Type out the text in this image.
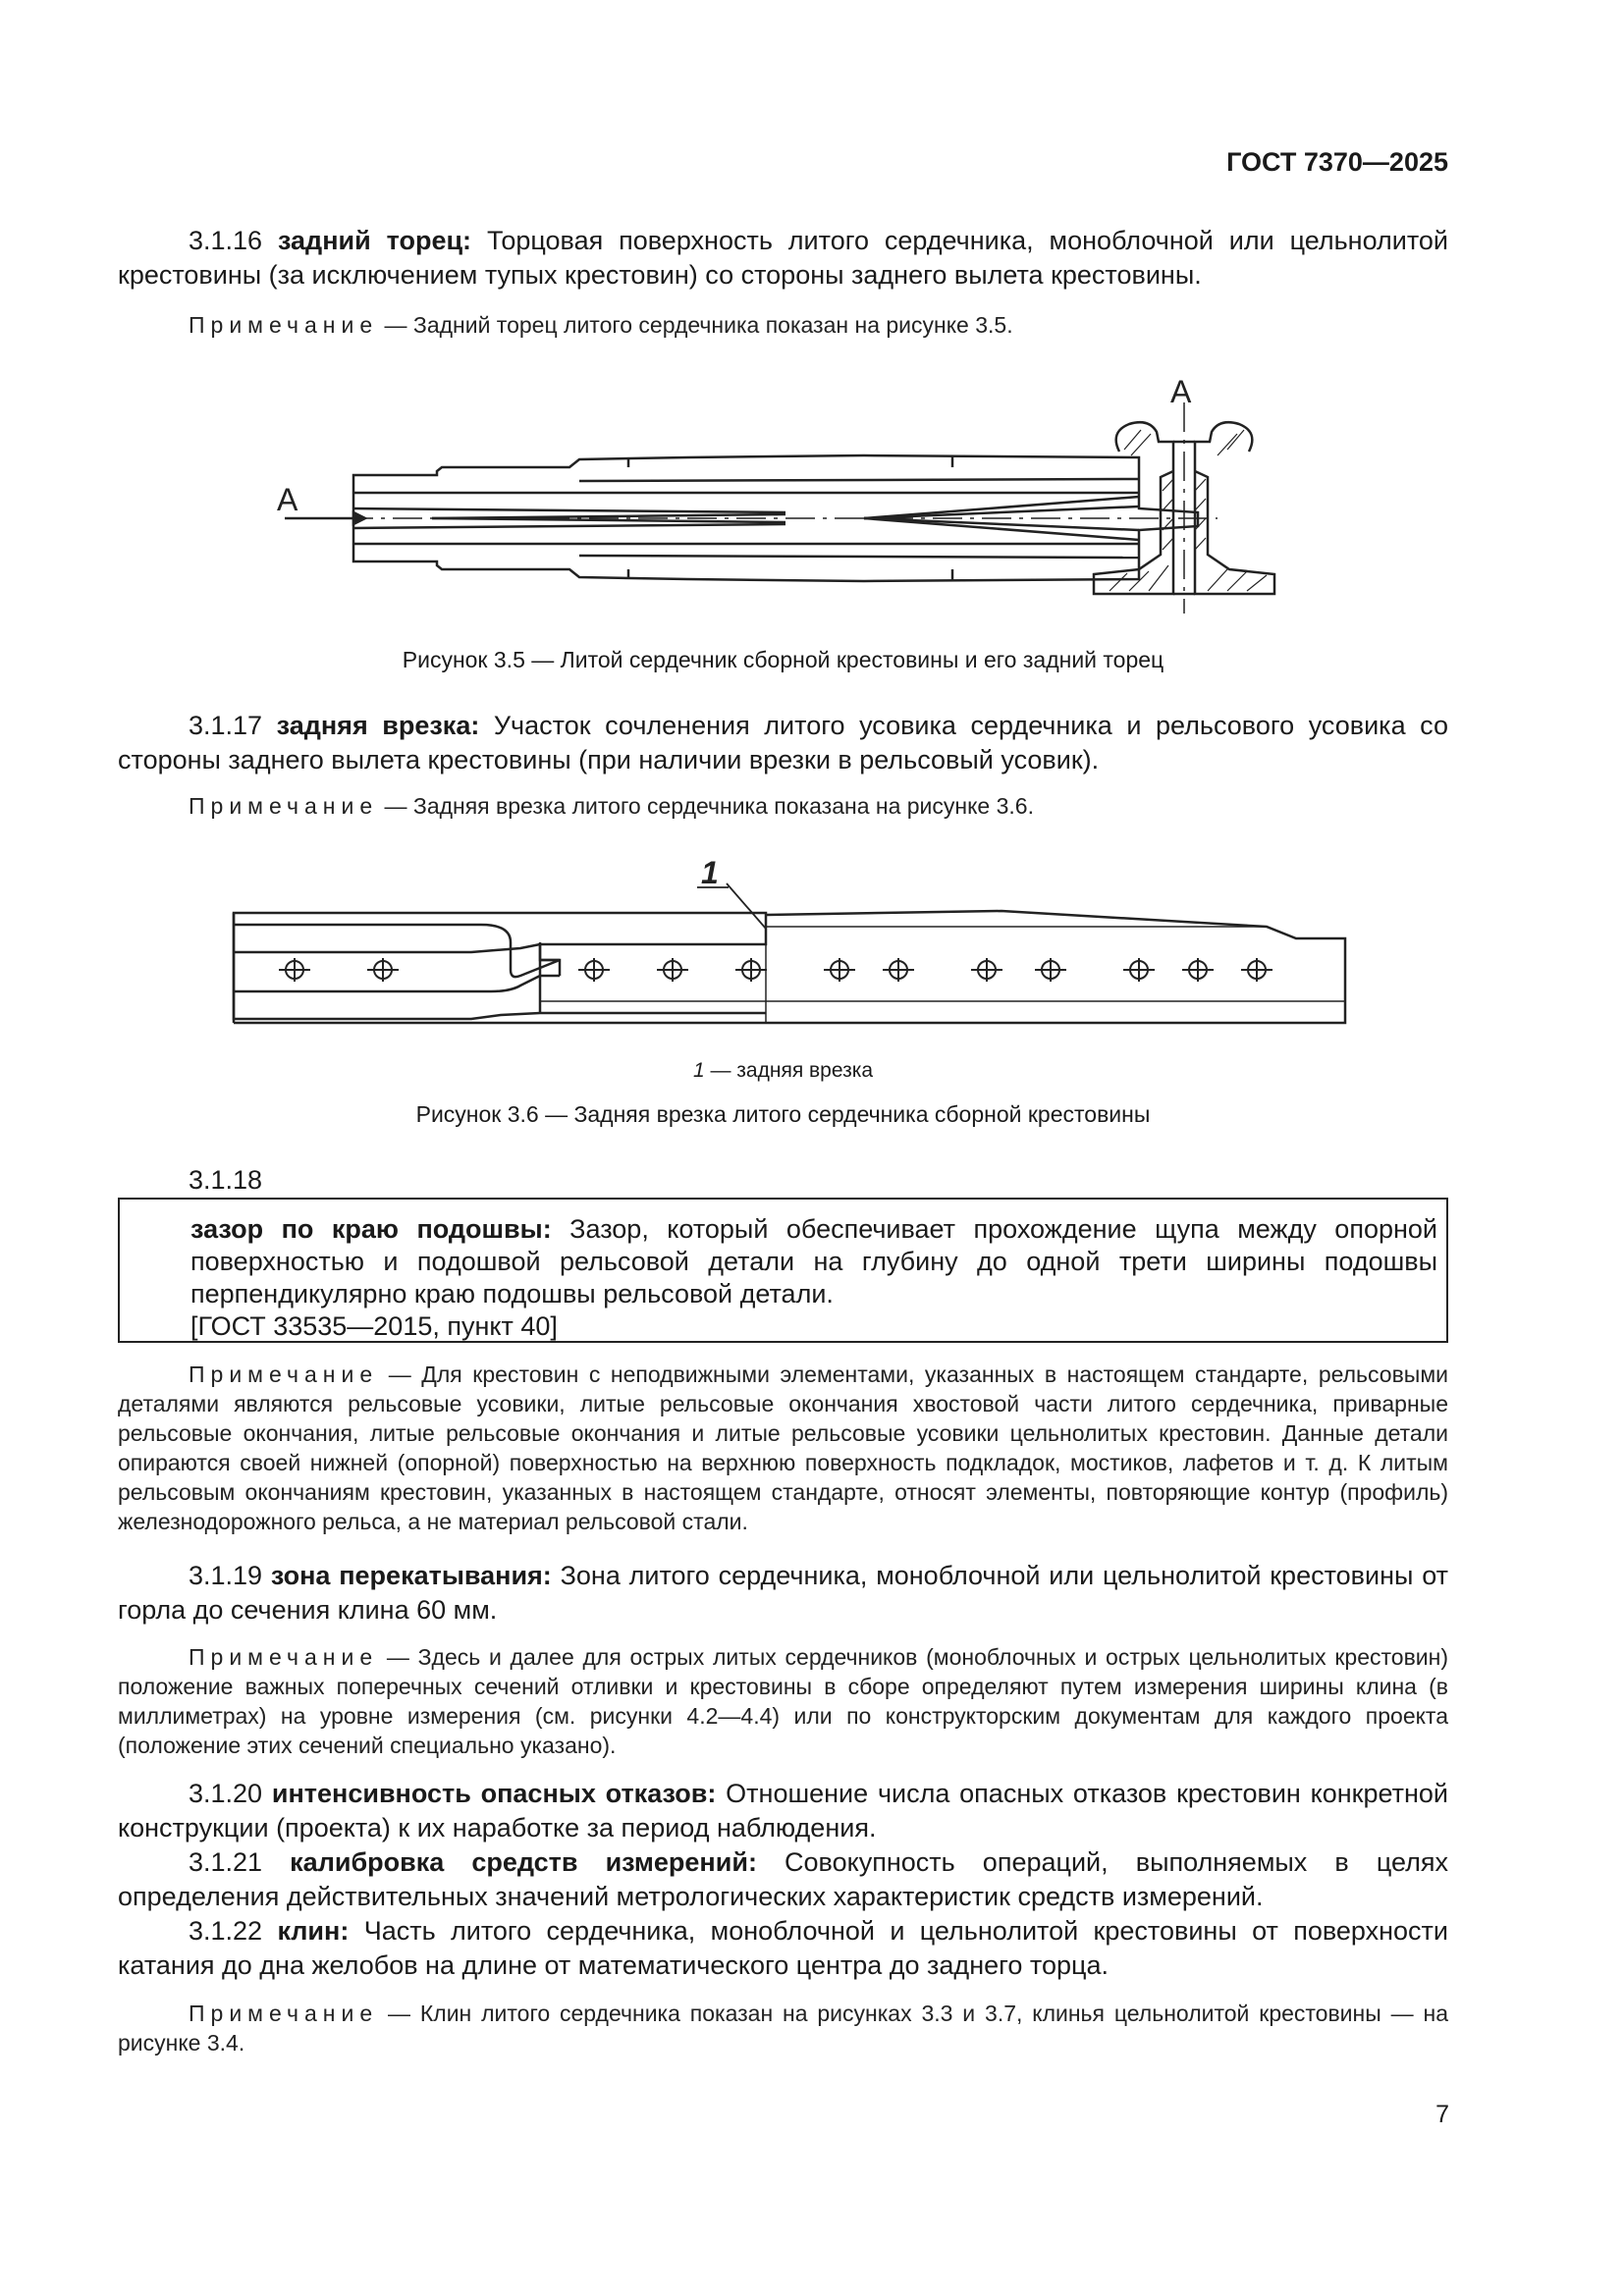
ГОСТ 7370—2025
3.1.16 задний торец: Торцовая поверхность литого сердечника, моноблочной или цельнолитой крестовины (за исключением тупых крестовин) со стороны заднего вылета крестовины.
Примечание — Задний торец литого сердечника показан на рисунке 3.5.
А
А
Рисунок 3.5 — Литой сердечник сборной крестовины и его задний торец
3.1.17 задняя врезка: Участок сочленения литого усовика сердечника и рельсового усовика со стороны заднего вылета крестовины (при наличии врезки в рельсовый усовик).
Примечание — Задняя врезка литого сердечника показана на рисунке 3.6.
1
1 — задняя врезка
Рисунок 3.6 — Задняя врезка литого сердечника сборной крестовины
3.1.18
зазор по краю подошвы: Зазор, который обеспечивает прохождение щупа между опорной поверхностью и подошвой рельсовой детали на глубину до одной трети ширины подошвы перпендикулярно краю подошвы рельсовой детали.
[ГОСТ 33535—2015, пункт 40]
Примечание — Для крестовин с неподвижными элементами, указанных в настоящем стандарте, рельсовыми деталями являются рельсовые усовики, литые рельсовые окончания хвостовой части литого сердечника, приварные рельсовые окончания, литые рельсовые окончания и литые рельсовые усовики цельнолитых крестовин. Данные детали опираются своей нижней (опорной) поверхностью на верхнюю поверхность подкладок, мостиков, лафетов и т. д. К литым рельсовым окончаниям крестовин, указанных в настоящем стандарте, относят элементы, повторяющие контур (профиль) железнодорожного рельса, а не материал рельсовой стали.
3.1.19 зона перекатывания: Зона литого сердечника, моноблочной или цельнолитой крестовины от горла до сечения клина 60 мм.
Примечание — Здесь и далее для острых литых сердечников (моноблочных и острых цельнолитых крестовин) положение важных поперечных сечений отливки и крестовины в сборе определяют путем измерения ширины клина (в миллиметрах) на уровне измерения (см. рисунки 4.2—4.4) или по конструкторским документам для каждого проекта (положение этих сечений специально указано).
3.1.20 интенсивность опасных отказов: Отношение числа опасных отказов крестовин конкретной конструкции (проекта) к их наработке за период наблюдения.
3.1.21 калибровка средств измерений: Совокупность операций, выполняемых в целях определения действительных значений метрологических характеристик средств измерений.
3.1.22 клин: Часть литого сердечника, моноблочной и цельнолитой крестовины от поверхности катания до дна желобов на длине от математического центра до заднего торца.
Примечание — Клин литого сердечника показан на рисунках 3.3 и 3.7, клинья цельнолитой крестовины — на рисунке 3.4.
7
